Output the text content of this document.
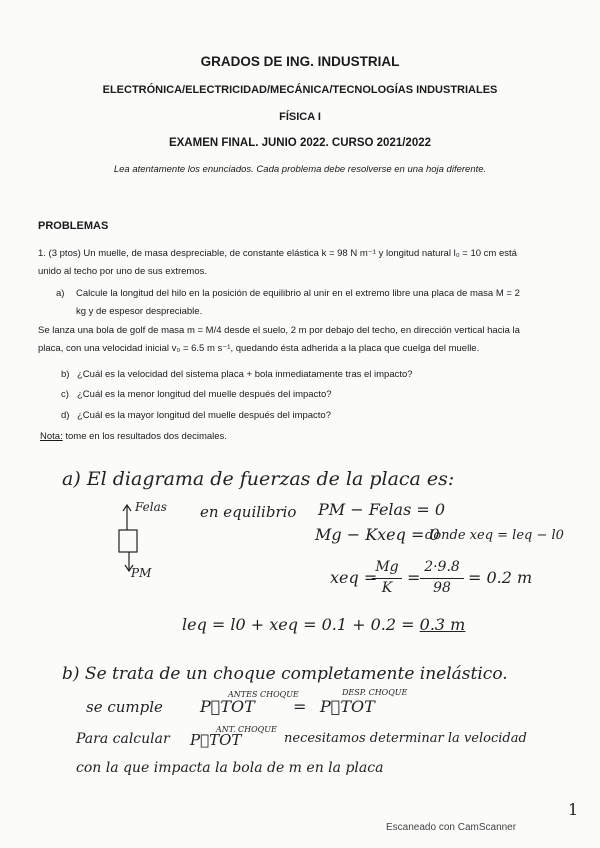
GRADOS DE ING. INDUSTRIAL
ELECTRÓNICA/ELECTRICIDAD/MECÁNICA/TECNOLOGÍAS INDUSTRIALES
FÍSICA I
EXAMEN FINAL. JUNIO 2022. CURSO 2021/2022
Lea atentamente los enunciados. Cada problema debe resolverse en una hoja diferente.
PROBLEMAS
1. (3 ptos) Un muelle, de masa despreciable, de constante elástica k = 98 N m⁻¹ y longitud natural l₀ = 10 cm está
unido al techo por uno de sus extremos.
a) Calcule la longitud del hilo en la posición de equilibrio al unir en el extremo libre una placa de masa M = 2
kg y de espesor despreciable.
Se lanza una bola de golf de masa m = M/4 desde el suelo, 2 m por debajo del techo, en dirección vertical hacia la
placa, con una velocidad inicial v₀ = 6.5 m s⁻¹, quedando ésta adherida a la placa que cuelga del muelle.
b) ¿Cuál es la velocidad del sistema placa + bola inmediatamente tras el impacto?
c) ¿Cuál es la menor longitud del muelle después del impacto?
d) ¿Cuál es la mayor longitud del muelle después del impacto?
Nota: tome en los resultados dos decimales.
a) El diagrama de fuerzas de la placa es:
Felas
PM
en equilibrio PM − Felas = 0
Mg − Kxeq = 0
donde xeq = leq − l0
xeq =
Mg
K
=
2·9.8
98
= 0.2 m
leq = l0 + xeq = 0.1 + 0.2 = 0.3 m
b) Se trata de un choque completamente inelástico.
se cumple P⃗TOT
ANTES CHOQUE
= P⃗TOT
DESP. CHOQUE
Para calcular P⃗TOT
ANT. CHOQUE
necesitamos determinar la velocidad
con la que impacta la bola de m en la placa
1
Escaneado con CamScanner
